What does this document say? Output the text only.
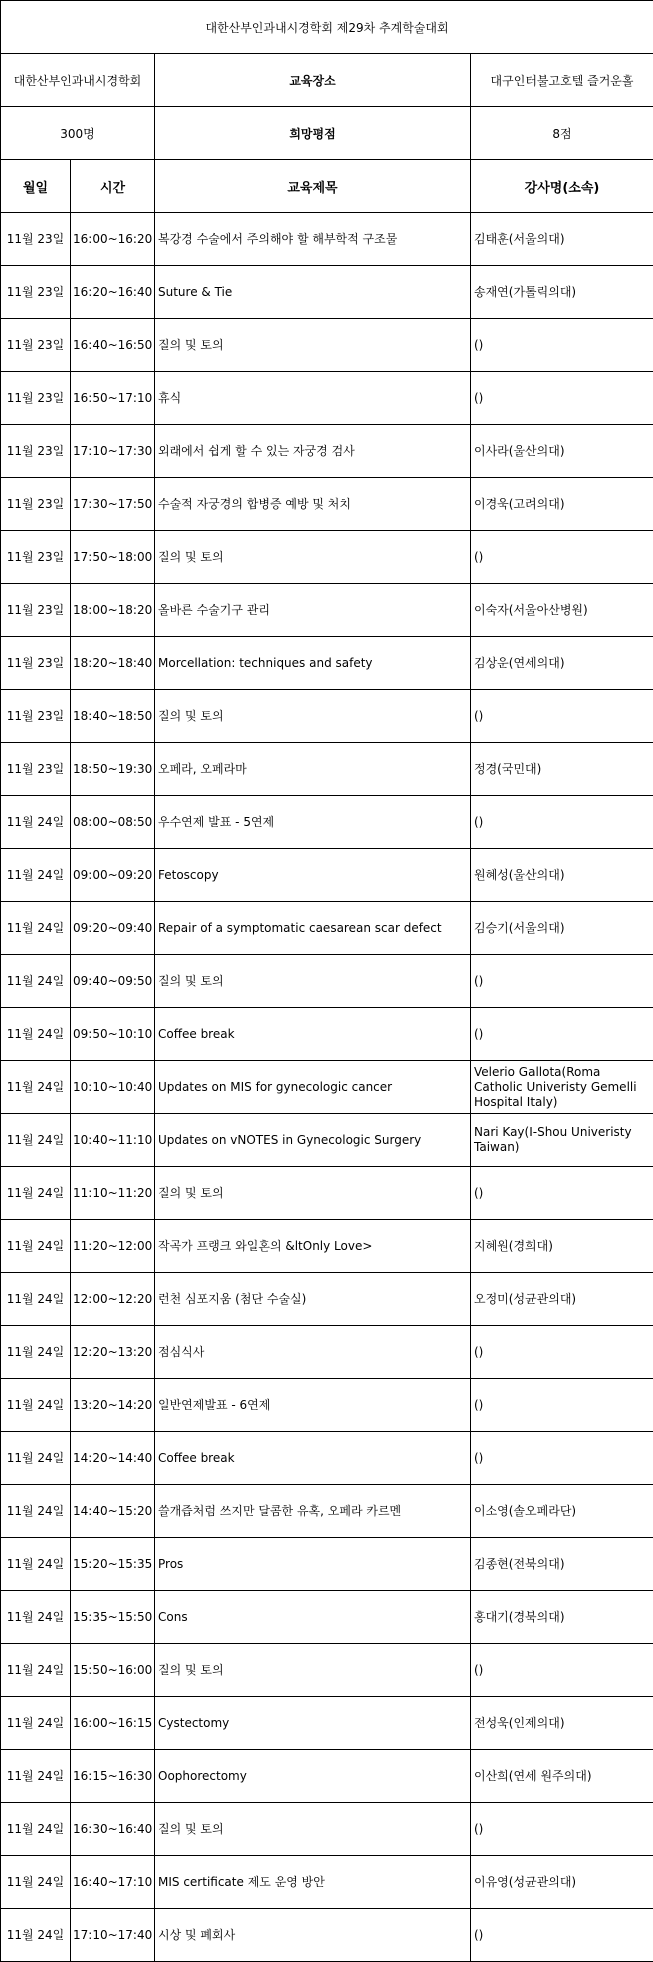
대한산부인과내시경학회 제29차 추계학술대회			
대한산부인과내시경학회		교육장소	대구인터불고호텔 즐거운홀
300명		희망평점	8점
월일	시간	교육제목	강사명(소속)
11월 23일	16:00~16:20	복강경 수술에서 주의해야 할 해부학적 구조물	김태훈(서울의대)
11월 23일	16:20~16:40	Suture & Tie	송재연(가톨릭의대)
11월 23일	16:40~16:50	질의 및 토의	()
11월 23일	16:50~17:10	휴식	()
11월 23일	17:10~17:30	외래에서 쉽게 할 수 있는 자궁경 검사	이사라(울산의대)
11월 23일	17:30~17:50	수술적 자궁경의 합병증 예방 및 처치	이경욱(고려의대)
11월 23일	17:50~18:00	질의 및 토의	()
11월 23일	18:00~18:20	올바른 수술기구 관리	이숙자(서울아산병원)
11월 23일	18:20~18:40	Morcellation: techniques and safety	김상운(연세의대)
11월 23일	18:40~18:50	질의 및 토의	()
11월 23일	18:50~19:30	오페라, 오페라마	정경(국민대)
11월 24일	08:00~08:50	우수연제 발표 - 5연제	()
11월 24일	09:00~09:20	Fetoscopy	원혜성(울산의대)
11월 24일	09:20~09:40	Repair of a symptomatic caesarean scar defect	김승기(서울의대)
11월 24일	09:40~09:50	질의 및 토의	()
11월 24일	09:50~10:10	Coffee break	()
11월 24일	10:10~10:40	Updates on MIS for gynecologic cancer	Velerio Gallota(Roma Catholic Univeristy Gemelli Hospital Italy)
11월 24일	10:40~11:10	Updates on vNOTES in Gynecologic Surgery	Nari Kay(I-Shou Univeristy Taiwan)
11월 24일	11:10~11:20	질의 및 토의	()
11월 24일	11:20~12:00	작곡가 프랭크 와일혼의 &ltOnly Love>	지혜원(경희대)
11월 24일	12:00~12:20	런천 심포지움 (첨단 수술실)	오정미(성균관의대)
11월 24일	12:20~13:20	점심식사	()
11월 24일	13:20~14:20	일반연제발표 - 6연제	()
11월 24일	14:20~14:40	Coffee break	()
11월 24일	14:40~15:20	쓸개즙처럼 쓰지만 달콤한 유혹, 오페라 카르멘	이소영(솔오페라단)
11월 24일	15:20~15:35	Pros	김종현(전북의대)
11월 24일	15:35~15:50	Cons	홍대기(경북의대)
11월 24일	15:50~16:00	질의 및 토의	()
11월 24일	16:00~16:15	Cystectomy	전성욱(인제의대)
11월 24일	16:15~16:30	Oophorectomy	이산희(연세 원주의대)
11월 24일	16:30~16:40	질의 및 토의	()
11월 24일	16:40~17:10	MIS certificate 제도 운영 방안	이유영(성균관의대)
11월 24일	17:10~17:40	시상 및 폐회사	()
